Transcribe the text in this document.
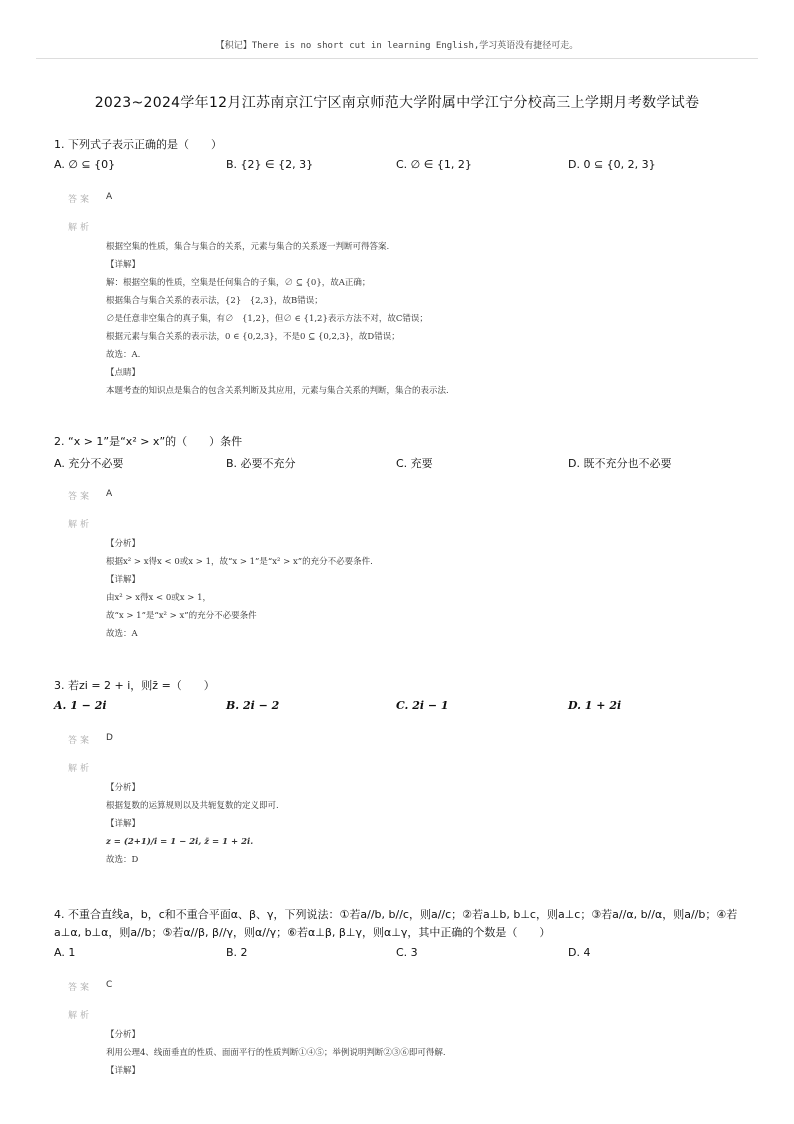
【积记】There is no short cut in learning English,学习英语没有捷径可走。
2023~2024学年12月江苏南京江宁区南京师范大学附属中学江宁分校高三上学期月考数学试卷
1. 下列式子表示正确的是（　　）
A. ∅ ⊆ {0}	B. {2} ∈ {2, 3}	C. ∅ ∈ {1, 2}	D. 0 ⊆ {0, 2, 3}
答案 A
解析
根据空集的性质，集合与集合的关系，元素与集合的关系逐一判断可得答案.
【详解】
解：根据空集的性质，空集是任何集合的子集，∅ ⊆ {0}，故A正确；
根据集合与集合关系的表示法，{2}　{2,3}，故B错误；
∅是任意非空集合的真子集，有∅　{1,2}，但∅ ∈ {1,2}表示方法不对，故C错误；
根据元素与集合关系的表示法，0 ∈ {0,2,3}，不是0 ⊆ {0,2,3}，故D错误；
故选：A.
【点睛】
本题考查的知识点是集合的包含关系判断及其应用，元素与集合关系的判断，集合的表示法.
2. “x > 1”是“x² > x”的（　　）条件
A. 充分不必要	B. 必要不充分	C. 充要	D. 既不充分也不必要
答案 A
解析
【分析】
根据x² > x得x < 0或x > 1，故“x > 1”是“x² > x”的充分不必要条件.
【详解】
由x² > x得x < 0或x > 1，
故“x > 1”是“x² > x”的充分不必要条件
故选：A
3. 若zi = 2 + i，则z̄ =（　　）
A. 1 − 2i	B. 2i − 2	C. 2i − 1	D. 1 + 2i
答案 D
解析
【分析】
根据复数的运算规则以及共轭复数的定义即可.
【详解】
z = (2+1)/i = 1 − 2i, z̄ = 1 + 2i.
故选：D
4. 不重合直线a，b，c和不重合平面α、β、γ，下列说法：①若a//b, b//c，则a//c；②若a⊥b, b⊥c，则a⊥c；③若a//α, b//α，则a//b；④若a⊥α, b⊥α，则a//b；⑤若α//β, β//γ，则α//γ；⑥若α⊥β, β⊥γ，则α⊥γ，其中正确的个数是（　　）
A. 1	B. 2	C. 3	D. 4
答案 C
解析
【分析】
利用公理4、线面垂直的性质、面面平行的性质判断①④⑤；举例说明判断②③⑥即可得解.
【详解】
